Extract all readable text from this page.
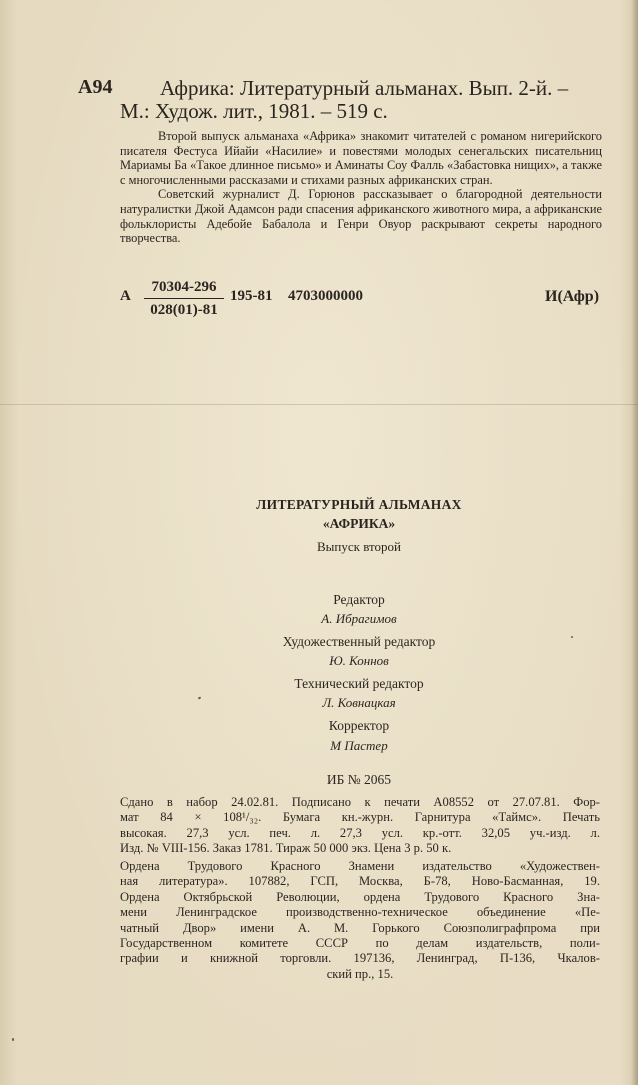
А94 Африка: Литературный альманах. Вып. 2-й. –
М.: Худож. лит., 1981. – 519 с.

Второй выпуск альманаха «Африка» знакомит читателей с романом нигерийского писателя Фестуса Ийайи «Насилие» и повестями молодых сенегальских писательниц Мариамы Ба «Такое длинное письмо» и Аминаты Соу Фалль «Забастовка нищих», а также с многочисленными рассказами и стихами разных африканских стран.

Советский журналист Д. Горюнов рассказывает о благородной деятельности натуралистки Джой Адамсон ради спасения африканского животного мира, а африканские фольклористы Адебойе Бабалола и Генри Овуор раскрывают секреты народного творчества.

А $\frac{70304-296}{028(01)-81} 195-81$ 4703000000	И(Афр)
ЛИТЕРАТУРНЫЙ АЛЬМАНАХ
«АФРИКА»
Выпуск второй
Редактор
А. Ибрагимов
Художественный редактор
Ю. Коннов
Технический редактор
Л. Ковнацкая
Корректор
М Пастер
ИБ № 2065
Сдано в набор 24.02.81. Подписано к печати А08552 от 27.07.81. Фор-
мат 84 × 108¹/₃₂. Бумага кн.-журн. Гарнитура «Таймс». Печать
высокая. 27,3 усл. печ. л. 27,3 усл. кр.-отт. 32,05 уч.-изд. л.
Изд. № VIII-156. Заказ 1781. Тираж 50 000 экз. Цена 3 р. 50 к.
Ордена Трудового Красного Знамени издательство «Художествен-
ная литература». 107882, ГСП, Москва, Б-78, Ново-Басманная, 19.
Ордена Октябрьской Революции, ордена Трудового Красного Зна-
мени Ленинградское производственно-техническое объединение «Пе-
чатный Двор» имени А. М. Горького Союзполиграфпрома при
Государственном комитете СССР по делам издательств, поли-
графии и книжной торговли. 197136, Ленинград, П-136, Чкалов-
ский пр., 15.
